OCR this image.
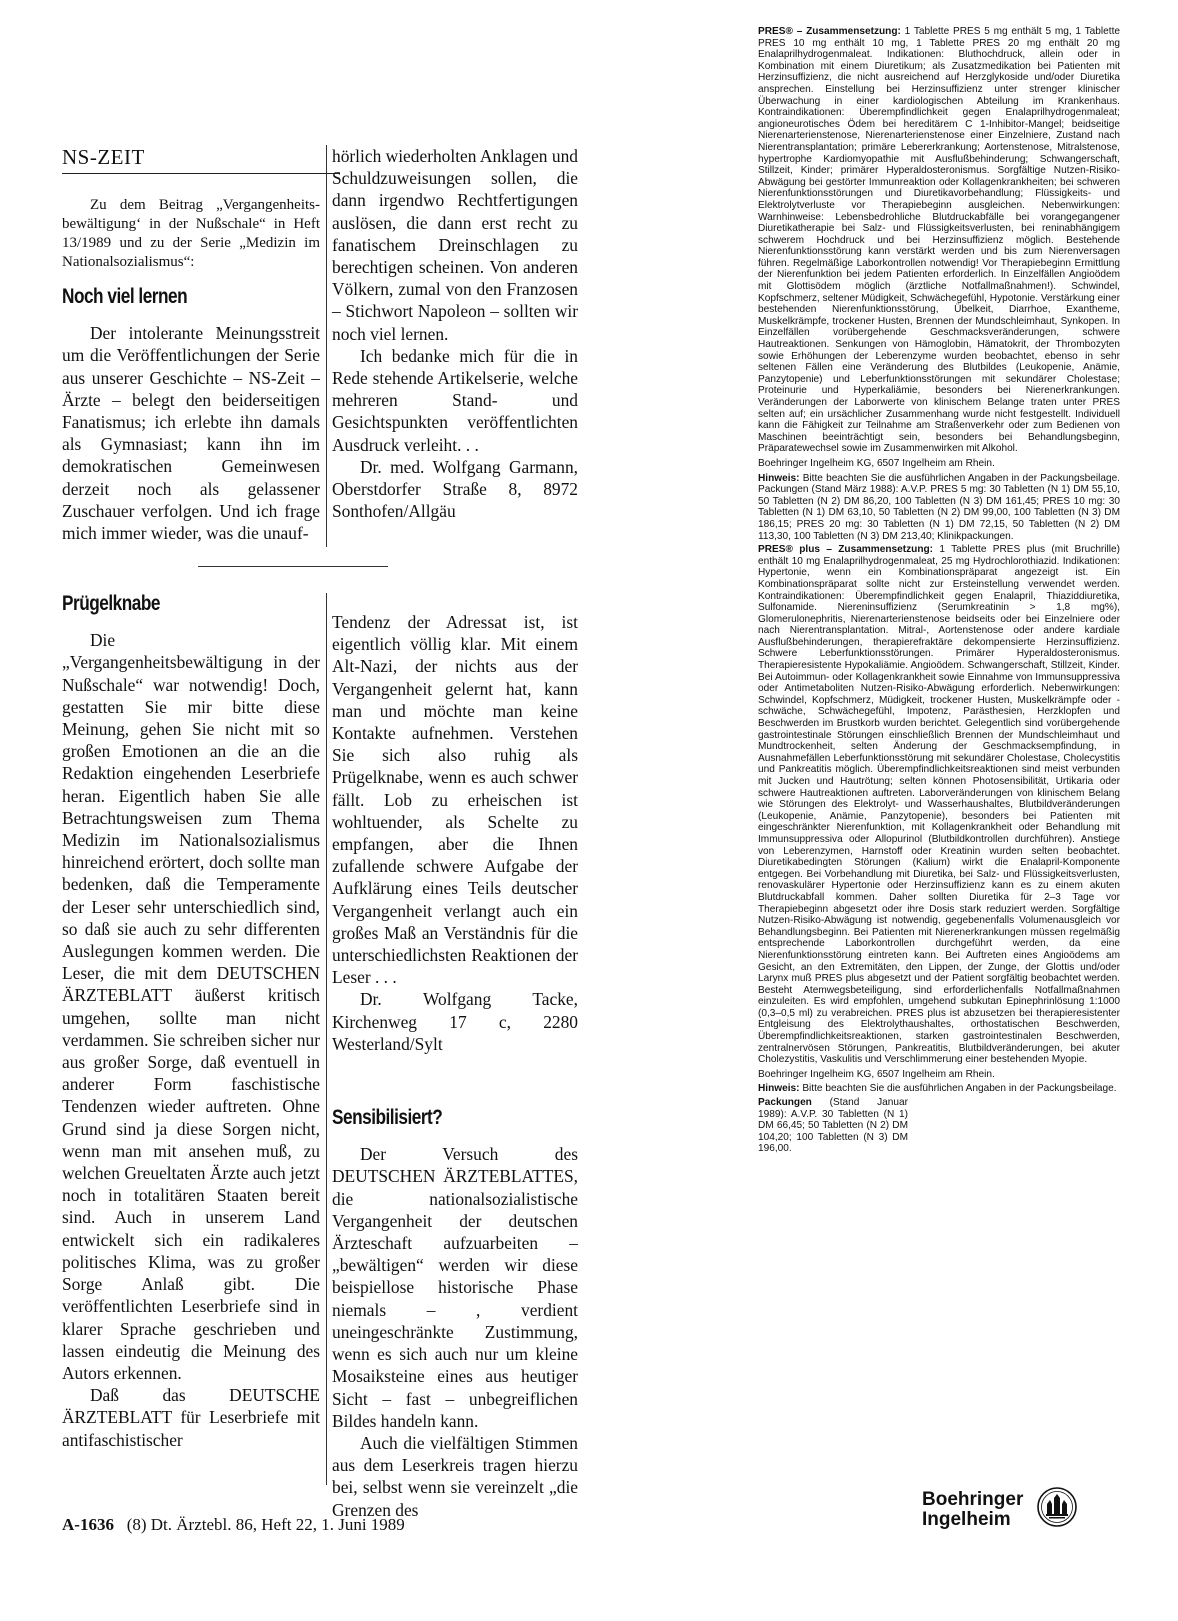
NS-ZEIT

Zu dem Beitrag „Vergangenheitsbewältigung‘ in der Nußschale“ in Heft 13/1989 und zu der Serie „Medizin im Nationalsozialismus“:

Noch viel lernen

Der intolerante Meinungsstreit um die Veröffentlichungen der Serie aus unserer Geschichte – NS-Zeit – Ärzte – belegt den beiderseitigen Fanatismus; ich erlebte ihn damals als Gymnasiast; kann ihn im demokratischen Gemeinwesen derzeit noch als gelassener Zuschauer verfolgen. Und ich frage mich immer wieder, was die unauf-

hörlich wiederholten Anklagen und Schuldzuweisungen sollen, die dann irgendwo Rechtfertigungen auslösen, die dann erst recht zu fanatischem Dreinschlagen zu berechtigen scheinen. Von anderen Völkern, zumal von den Franzosen – Stichwort Napoleon – sollten wir noch viel lernen.

Ich bedanke mich für die in Rede stehende Artikelserie, welche mehreren Stand- und Gesichtspunkten veröffentlichten Ausdruck verleiht. . .

Dr. med. Wolfgang Garmann, Oberstdorfer Straße 8, 8972 Sonthofen/Allgäu

Prügelknabe

Die „Vergangenheitsbewältigung in der Nußschale“ war notwendig! Doch, gestatten Sie mir bitte diese Meinung, gehen Sie nicht mit so großen Emotionen an die an die Redaktion eingehenden Leserbriefe heran. Eigentlich haben Sie alle Betrachtungsweisen zum Thema Medizin im Nationalsozialismus hinreichend erörtert, doch sollte man bedenken, daß die Temperamente der Leser sehr unterschiedlich sind, so daß sie auch zu sehr differenten Auslegungen kommen werden. Die Leser, die mit dem DEUTSCHEN ÄRZTEBLATT äußerst kritisch umgehen, sollte man nicht verdammen. Sie schreiben sicher nur aus großer Sorge, daß eventuell in anderer Form faschistische Tendenzen wieder auftreten. Ohne Grund sind ja diese Sorgen nicht, wenn man mit ansehen muß, zu welchen Greueltaten Ärzte auch jetzt noch in totalitären Staaten bereit sind. Auch in unserem Land entwickelt sich ein radikaleres politisches Klima, was zu großer Sorge Anlaß gibt. Die veröffentlichten Leserbriefe sind in klarer Sprache geschrieben und lassen eindeutig die Meinung des Autors erkennen.

Daß das DEUTSCHE ÄRZTEBLATT für Leserbriefe mit antifaschistischer

Tendenz der Adressat ist, ist eigentlich völlig klar. Mit einem Alt-Nazi, der nichts aus der Vergangenheit gelernt hat, kann man und möchte man keine Kontakte aufnehmen. Verstehen Sie sich also ruhig als Prügelknabe, wenn es auch schwer fällt. Lob zu erheischen ist wohltuender, als Schelte zu empfangen, aber die Ihnen zufallende schwere Aufgabe der Aufklärung eines Teils deutscher Vergangenheit verlangt auch ein großes Maß an Verständnis für die unterschiedlichsten Reaktionen der Leser . . .

Dr. Wolfgang Tacke, Kirchenweg 17 c, 2280 Westerland/Sylt

Sensibilisiert?

Der Versuch des DEUTSCHEN ÄRZTEBLATTES, die nationalsozialistische Vergangenheit der deutschen Ärzteschaft aufzuarbeiten – „bewältigen“ werden wir diese beispiellose historische Phase niemals – , verdient uneingeschränkte Zustimmung, wenn es sich auch nur um kleine Mosaiksteine eines aus heutiger Sicht – fast – unbegreiflichen Bildes handeln kann.

Auch die vielfältigen Stimmen aus dem Leserkreis tragen hierzu bei, selbst wenn sie vereinzelt „die Grenzen des

A-1636 (8) Dt. Ärztebl. 86, Heft 22, 1. Juni 1989

PRES® – Zusammensetzung: 1 Tablette PRES 5 mg enthält 5 mg, 1 Tablette PRES 10 mg enthält 10 mg, 1 Tablette PRES 20 mg enthält 20 mg Enalaprilhydrogenmaleat. Indikationen: Bluthochdruck, allein oder in Kombination mit einem Diuretikum; als Zusatzmedikation bei Patienten mit Herzinsuffizienz, die nicht ausreichend auf Herzglykoside und/oder Diuretika ansprechen. Einstellung bei Herzinsuffizienz unter strenger klinischer Überwachung in einer kardiologischen Abteilung im Krankenhaus. Kontraindikationen: Überempfindlichkeit gegen Enalaprilhydrogenmaleat; angioneurotisches Ödem bei hereditärem C 1-Inhibitor-Mangel; beidseitige Nierenarterienstenose, Nierenarterienstenose einer Einzelniere, Zustand nach Nierentransplantation; primäre Lebererkrankung; Aortenstenose, Mitralstenose, hypertrophe Kardiomyopathie mit Ausflußbehinderung; Schwangerschaft, Stillzeit, Kinder; primärer Hyperaldosteronismus. Sorgfältige Nutzen-Risiko-Abwägung bei gestörter Immunreaktion oder Kollagenkrankheiten; bei schweren Nierenfunktionsstörungen und Diuretikavorbehandlung; Flüssigkeits- und Elektrolytverluste vor Therapiebeginn ausgleichen. Nebenwirkungen: Warnhinweise: Lebensbedrohliche Blutdruckabfälle bei vorangegangener Diuretikatherapie bei Salz- und Flüssigkeitsverlusten, bei reninabhängigem schwerem Hochdruck und bei Herzinsuffizienz möglich. Bestehende Nierenfunktionsstörung kann verstärkt werden und bis zum Nierenversagen führen. Regelmäßige Laborkontrollen notwendig! Vor Therapiebeginn Ermittlung der Nierenfunktion bei jedem Patienten erforderlich. In Einzelfällen Angioödem mit Glottisödem möglich (ärztliche Notfallmaßnahmen!). Schwindel, Kopfschmerz, seltener Müdigkeit, Schwächegefühl, Hypotonie. Verstärkung einer bestehenden Nierenfunktionsstörung, Übelkeit, Diarrhoe, Exantheme, Muskelkrämpfe, trockener Husten, Brennen der Mundschleimhaut, Synkopen. In Einzelfällen vorübergehende Geschmacksveränderungen, schwere Hautreaktionen. Senkungen von Hämoglobin, Hämatokrit, der Thrombozyten sowie Erhöhungen der Leberenzyme wurden beobachtet, ebenso in sehr seltenen Fällen eine Veränderung des Blutbildes (Leukopenie, Anämie, Panzytopenie) und Leberfunktionsstörungen mit sekundärer Cholestase; Proteinurie und Hyperkaliämie, besonders bei Nierenerkrankungen. Veränderungen der Laborwerte von klinischem Belange traten unter PRES selten auf; ein ursächlicher Zusammenhang wurde nicht festgestellt. Individuell kann die Fähigkeit zur Teilnahme am Straßenverkehr oder zum Bedienen von Maschinen beeinträchtigt sein, besonders bei Behandlungsbeginn, Präparatewechsel sowie im Zusammenwirken mit Alkohol.

Boehringer Ingelheim KG, 6507 Ingelheim am Rhein.

Hinweis: Bitte beachten Sie die ausführlichen Angaben in der Packungsbeilage. Packungen (Stand März 1988): A.V.P. PRES 5 mg: 30 Tabletten (N 1) DM 55,10, 50 Tabletten (N 2) DM 86,20, 100 Tabletten (N 3) DM 161,45; PRES 10 mg: 30 Tabletten (N 1) DM 63,10, 50 Tabletten (N 2) DM 99,00, 100 Tabletten (N 3) DM 186,15; PRES 20 mg: 30 Tabletten (N 1) DM 72,15, 50 Tabletten (N 2) DM 113,30, 100 Tabletten (N 3) DM 213,40; Klinikpackungen.

PRES® plus – Zusammensetzung: 1 Tablette PRES plus (mit Bruchrille) enthält 10 mg Enalaprilhydrogenmaleat, 25 mg Hydrochlorothiazid. Indikationen: Hypertonie, wenn ein Kombinationspräparat angezeigt ist. Ein Kombinationspräparat sollte nicht zur Ersteinstellung verwendet werden. Kontraindikationen: Überempfindlichkeit gegen Enalapril, Thiaziddiuretika, Sulfonamide. Niereninsuffizienz (Serumkreatinin > 1,8 mg%), Glomerulonephritis, Nierenarterienstenose beidseits oder bei Einzelniere oder nach Nierentransplantation. Mitral-, Aortenstenose oder andere kardiale Ausflußbehinderungen, therapierefraktäre dekompensierte Herzinsuffizienz. Schwere Leberfunktionsstörungen. Primärer Hyperaldosteronismus. Therapieresistente Hypokaliämie. Angioödem. Schwangerschaft, Stillzeit, Kinder. Bei Autoimmun- oder Kollagenkrankheit sowie Einnahme von Immunsuppressiva oder Antimetaboliten Nutzen-Risiko-Abwägung erforderlich. Nebenwirkungen: Schwindel, Kopfschmerz, Müdigkeit, trockener Husten, Muskelkrämpfe oder -schwäche, Schwächegefühl, Impotenz, Parästhesien, Herzklopfen und Beschwerden im Brustkorb wurden berichtet. Gelegentlich sind vorübergehende gastrointestinale Störungen einschließlich Brennen der Mundschleimhaut und Mundtrockenheit, selten Änderung der Geschmacksempfindung, in Ausnahmefällen Leberfunktionsstörung mit sekundärer Cholestase, Cholecystitis und Pankreatitis möglich. Überempfindlichkeitsreaktionen sind meist verbunden mit Jucken und Hautrötung; selten können Photosensibilität, Urtikaria oder schwere Hautreaktionen auftreten. Laborveränderungen von klinischem Belang wie Störungen des Elektrolyt- und Wasserhaushaltes, Blutbildveränderungen (Leukopenie, Anämie, Panzytopenie), besonders bei Patienten mit eingeschränkter Nierenfunktion, mit Kollagenkrankheit oder Behandlung mit Immunsuppressiva oder Allopurinol (Blutbildkontrollen durchführen). Anstiege von Leberenzymen, Harnstoff oder Kreatinin wurden selten beobachtet. Diuretikabedingten Störungen (Kalium) wirkt die Enalapril-Komponente entgegen. Bei Vorbehandlung mit Diuretika, bei Salz- und Flüssigkeitsverlusten, renovaskulärer Hypertonie oder Herzinsuffizienz kann es zu einem akuten Blutdruckabfall kommen. Daher sollten Diuretika für 2–3 Tage vor Therapiebeginn abgesetzt oder ihre Dosis stark reduziert werden. Sorgfältige Nutzen-Risiko-Abwägung ist notwendig, gegebenenfalls Volumenausgleich vor Behandlungsbeginn. Bei Patienten mit Nierenerkrankungen müssen regelmäßig entsprechende Laborkontrollen durchgeführt werden, da eine Nierenfunktionsstörung eintreten kann. Bei Auftreten eines Angioödems am Gesicht, an den Extremitäten, den Lippen, der Zunge, der Glottis und/oder Larynx muß PRES plus abgesetzt und der Patient sorgfältig beobachtet werden. Besteht Atemwegsbeteiligung, sind erforderlichenfalls Notfallmaßnahmen einzuleiten. Es wird empfohlen, umgehend subkutan Epinephrinlösung 1:1000 (0,3–0,5 ml) zu verabreichen. PRES plus ist abzusetzen bei therapieresistenter Entgleisung des Elektrolythaushaltes, orthostatischen Beschwerden, Überempfindlichkeitsreaktionen, starken gastrointestinalen Beschwerden, zentralnervösen Störungen, Pankreatitis, Blutbildveränderungen, bei akuter Cholezystitis, Vaskulitis und Verschlimmerung einer bestehenden Myopie.

Boehringer Ingelheim KG, 6507 Ingelheim am Rhein.

Hinweis: Bitte beachten Sie die ausführlichen Angaben in der Packungsbeilage.

Packungen (Stand Januar 1989): A.V.P. 30 Tabletten (N 1) DM 66,45; 50 Tabletten (N 2) DM 104,20; 100 Tabletten (N 3) DM 196,00.

Boehringer
Ingelheim
